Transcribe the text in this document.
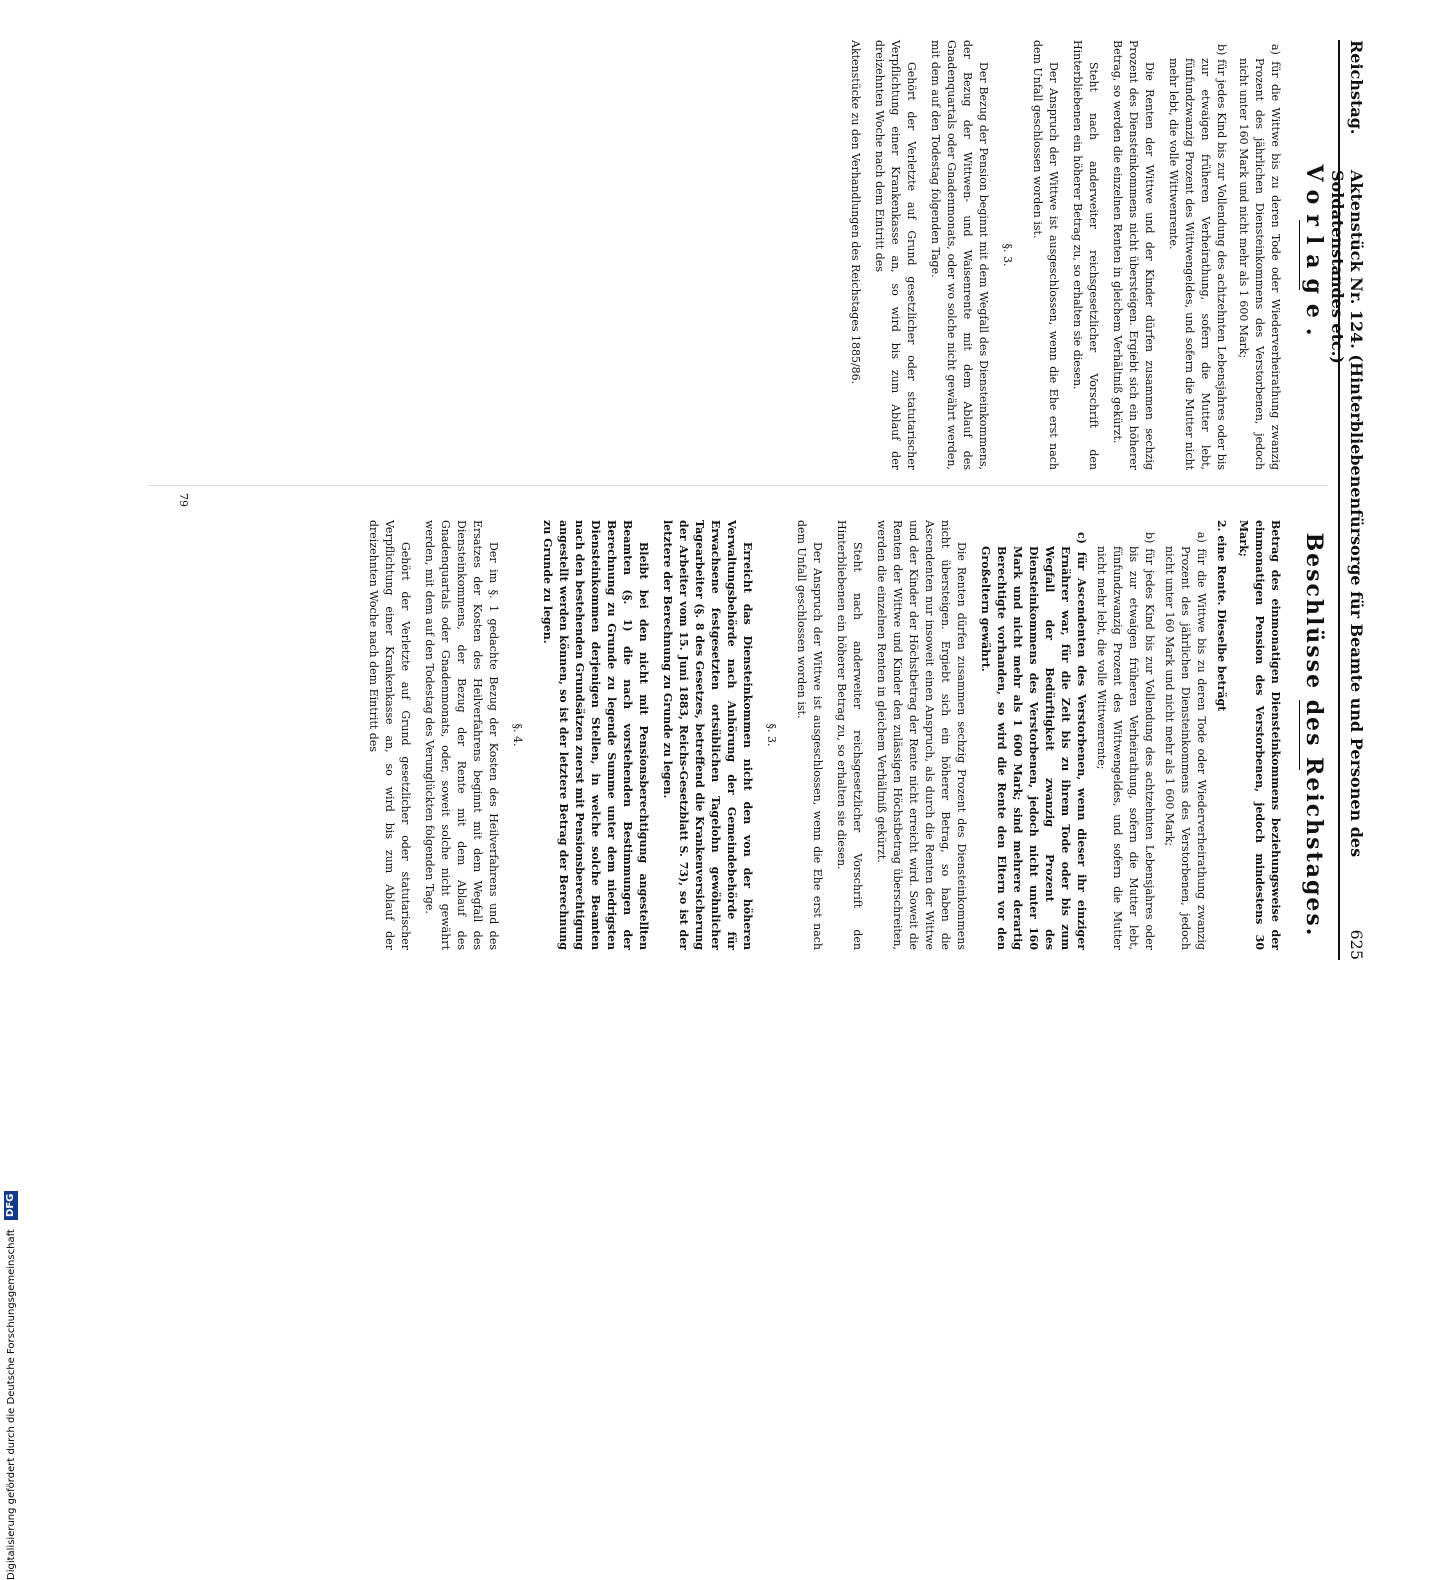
Reichstag.
Aktenstück Nr. 124. (Hinterbliebenenfürsorge für Beamte und Personen des Soldatenstandes etc.)
625
Vorlage.
a) für die Wittwe bis zu deren Tode oder Wiederverheirathung zwanzig Prozent des jährlichen Diensteinkommens des Verstorbenen, jedoch nicht unter 160 Mark und nicht mehr als 1 600 Mark;
b) für jedes Kind bis zur Vollendung des achtzehnten Lebensjahres oder bis zur etwaigen früheren Verheirathung, sofern die Mutter lebt, fünfundzwanzig Prozent des Wittwengeldes, und sofern die Mutter nicht mehr lebt, die volle Wittwenrente.
Die Renten der Wittwe und der Kinder dürfen zusammen sechzig Prozent des Diensteinkommens nicht übersteigen. Ergiebt sich ein höherer Betrag, so werden die einzelnen Renten in gleichem Verhältniß gekürzt.
Steht nach anderweiter reichsgesetzlicher Vorschrift den Hinterbliebenen ein höherer Betrag zu, so erhalten sie diesen.
Der Anspruch der Wittwe ist ausgeschlossen, wenn die Ehe erst nach dem Unfall geschlossen worden ist.
§. 3.
Der Bezug der Pension beginnt mit dem Wegfall des Diensteinkommens, der Bezug der Wittwen- und Waisenrente mit dem Ablauf des Gnadenquartals oder Gnadenmonats, oder wo solche nicht gewährt werden, mit dem auf den Todestag folgenden Tage.
Gehört der Verletzte auf Grund gesetzlicher oder statutarischer Verpflichtung einer Krankenkasse an, so wird bis zum Ablauf der dreizehnten Woche nach dem Eintritt des
Aktenstücke zu den Verhandlungen des Reichstages 1885/86.
Beschlüsse des Reichstages.
Betrag des einmonatigen Diensteinkommens beziehungsweise der einmonatigen Pension des Verstorbenen, jedoch mindestens 30 Mark;
2. eine Rente. Dieselbe beträgt
a) für die Wittwe bis zu deren Tode oder Wiederverheirathung zwanzig Prozent des jährlichen Diensteinkommens des Verstorbenen, jedoch nicht unter 160 Mark und nicht mehr als 1 600 Mark;
b) für jedes Kind bis zur Vollendung des achtzehnten Lebensjahres oder bis zur etwaigen früheren Verheirathung, sofern die Mutter lebt, fünfundzwanzig Prozent des Wittwengeldes, und sofern die Mutter nicht mehr lebt, die volle Wittwenrente;
c) für Ascendenten des Verstorbenen, wenn dieser ihr einziger Ernährer war, für die Zeit bis zu ihrem Tode oder bis zum Wegfall der Bedürftigkeit zwanzig Prozent des Diensteinkommens des Verstorbenen, jedoch nicht unter 160 Mark und nicht mehr als 1 600 Mark; sind mehrere derartig Berechtigte vorhanden, so wird die Rente den Eltern vor den Großeltern gewährt.
Die Renten dürfen zusammen sechzig Prozent des Diensteinkommens nicht übersteigen. Ergiebt sich ein höherer Betrag, so haben die Ascendenten nur insoweit einen Anspruch, als durch die Renten der Wittwe und der Kinder der Höchstbetrag der Rente nicht erreicht wird. Soweit die Renten der Wittwe und Kinder den zulässigen Höchstbetrag überschreiten, werden die einzelnen Renten in gleichem Verhältniß gekürzt.
Steht nach anderweiter reichsgesetzlicher Vorschrift den Hinterbliebenen ein höherer Betrag zu, so erhalten sie diesen.
Der Anspruch der Wittwe ist ausgeschlossen, wenn die Ehe erst nach dem Unfall geschlossen worden ist.
§. 3.
Erreicht das Diensteinkommen nicht den von der höheren Verwaltungsbehörde nach Anhörung der Gemeindebehörde für Erwachsene festgesetzten ortsüblichen Tagelohn gewöhnlicher Tagearbeiter (§. 8 des Gesetzes, betreffend die Krankenversicherung der Arbeiter vom 15. Juni 1883, Reichs-Gesetzblatt S. 73), so ist der letztere der Berechnung zu Grunde zu legen.
Bleibt bei den nicht mit Pensionsberechtigung angestellten Beamten (§. 1) die nach vorstehenden Bestimmungen der Berechnung zu Grunde zu legende Summe unter dem niedrigsten Diensteinkommen derjenigen Stellen, in welche solche Beamten nach den bestehenden Grundsätzen zuerst mit Pensionsberechtigung angestellt werden können, so ist der letztere Betrag der Berechnung zu Grunde zu legen.
§. 4.
Der im §. 1 gedachte Bezug der Kosten des Heilverfahrens und des Ersatzes der Kosten des Heilverfahrens beginnt mit dem Wegfall des Diensteinkommens, der Bezug der Rente mit dem Ablauf des Gnadenquartals oder Gnadenmonats, oder, soweit solche nicht gewährt werden, mit dem auf den Todestag des Verunglückten folgenden Tage.
Gehört der Verletzte auf Grund gesetzlicher oder statutarischer Verpflichtung einer Krankenkasse an, so wird bis zum Ablauf der dreizehnten Woche nach dem Eintritt des
79
Digitalisierung gefördert durch die Deutsche Forschungsgemeinschaft DFG
